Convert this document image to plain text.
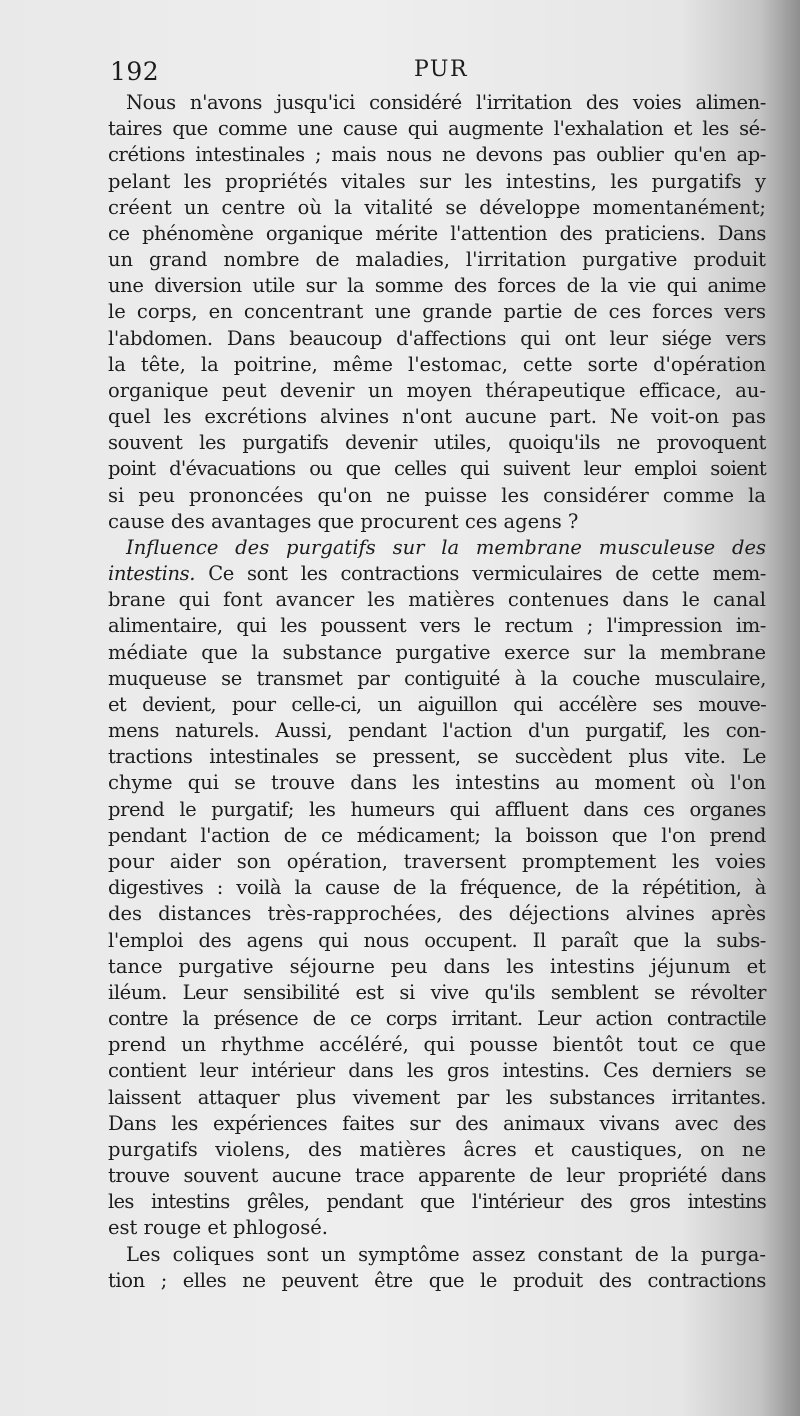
192	PUR
Nous n'avons jusqu'ici considéré l'irritation des voies alimen-
taires que comme une cause qui augmente l'exhalation et les sé-
crétions intestinales ; mais nous ne devons pas oublier qu'en ap-
pelant les propriétés vitales sur les intestins, les purgatifs y
créent un centre où la vitalité se développe momentanément;
ce phénomène organique mérite l'attention des praticiens. Dans
un grand nombre de maladies, l'irritation purgative produit
une diversion utile sur la somme des forces de la vie qui anime
le corps, en concentrant une grande partie de ces forces vers
l'abdomen. Dans beaucoup d'affections qui ont leur siége vers
la tête, la poitrine, même l'estomac, cette sorte d'opération
organique peut devenir un moyen thérapeutique efficace, au-
quel les excrétions alvines n'ont aucune part. Ne voit-on pas
souvent les purgatifs devenir utiles, quoiqu'ils ne provoquent
point d'évacuations ou que celles qui suivent leur emploi soient
si peu prononcées qu'on ne puisse les considérer comme la
cause des avantages que procurent ces agens ?
Influence des purgatifs sur la membrane musculeuse des
intestins. Ce sont les contractions vermiculaires de cette mem-
brane qui font avancer les matières contenues dans le canal
alimentaire, qui les poussent vers le rectum ; l'impression im-
médiate que la substance purgative exerce sur la membrane
muqueuse se transmet par contiguité à la couche musculaire,
et devient, pour celle-ci, un aiguillon qui accélère ses mouve-
mens naturels. Aussi, pendant l'action d'un purgatif, les con-
tractions intestinales se pressent, se succèdent plus vite. Le
chyme qui se trouve dans les intestins au moment où l'on
prend le purgatif; les humeurs qui affluent dans ces organes
pendant l'action de ce médicament; la boisson que l'on prend
pour aider son opération, traversent promptement les voies
digestives : voilà la cause de la fréquence, de la répétition, à
des distances très-rapprochées, des déjections alvines après
l'emploi des agens qui nous occupent. Il paraît que la subs-
tance purgative séjourne peu dans les intestins jéjunum et
iléum. Leur sensibilité est si vive qu'ils semblent se révolter
contre la présence de ce corps irritant. Leur action contractile
prend un rhythme accéléré, qui pousse bientôt tout ce que
contient leur intérieur dans les gros intestins. Ces derniers se
laissent attaquer plus vivement par les substances irritantes.
Dans les expériences faites sur des animaux vivans avec des
purgatifs violens, des matières âcres et caustiques, on ne
trouve souvent aucune trace apparente de leur propriété dans
les intestins grêles, pendant que l'intérieur des gros intestins
est rouge et phlogosé.
Les coliques sont un symptôme assez constant de la purga-
tion ; elles ne peuvent être que le produit des contractions
